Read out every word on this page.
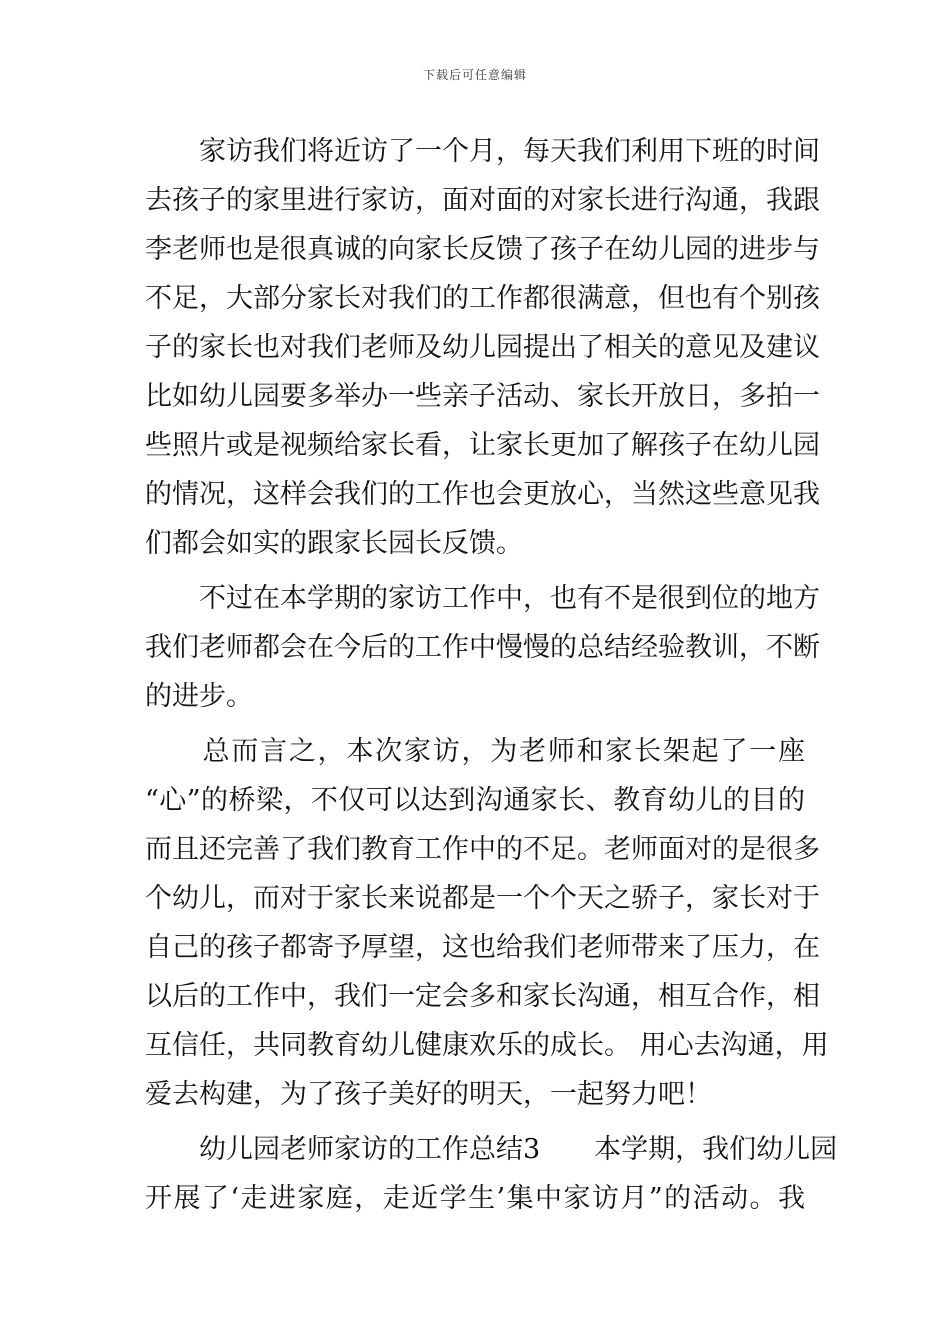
下载后可任意编辑
　　家访我们将近访了一个月，每天我们利用下班的时间
去孩子的家里进行家访，面对面的对家长进行沟通，我跟
李老师也是很真诚的向家长反馈了孩子在幼儿园的进步与
不足，大部分家长对我们的工作都很满意，但也有个别孩
子的家长也对我们老师及幼儿园提出了相关的意见及建议
比如幼儿园要多举办一些亲子活动、家长开放日，多拍一
些照片或是视频给家长看，让家长更加了解孩子在幼儿园
的情况，这样会我们的工作也会更放心，当然这些意见我
们都会如实的跟家长园长反馈。
　　不过在本学期的家访工作中，也有不是很到位的地方
我们老师都会在今后的工作中慢慢的总结经验教训，不断
的进步。
　　总而言之，本次家访，为老师和家长架起了一座
“心”的桥梁，不仅可以达到沟通家长、教育幼儿的目的
而且还完善了我们教育工作中的不足。老师面对的是很多
个幼儿，而对于家长来说都是一个个天之骄子，家长对于
自己的孩子都寄予厚望，这也给我们老师带来了压力，在
以后的工作中，我们一定会多和家长沟通，相互合作，相
互信任，共同教育幼儿健康欢乐的成长。 用心去沟通，用
爱去构建，为了孩子美好的明天，一起努力吧！
　　幼儿园老师家访的工作总结3　　本学期，我们幼儿园
开展了‘走进家庭，走近学生’集中家访月”的活动。我
